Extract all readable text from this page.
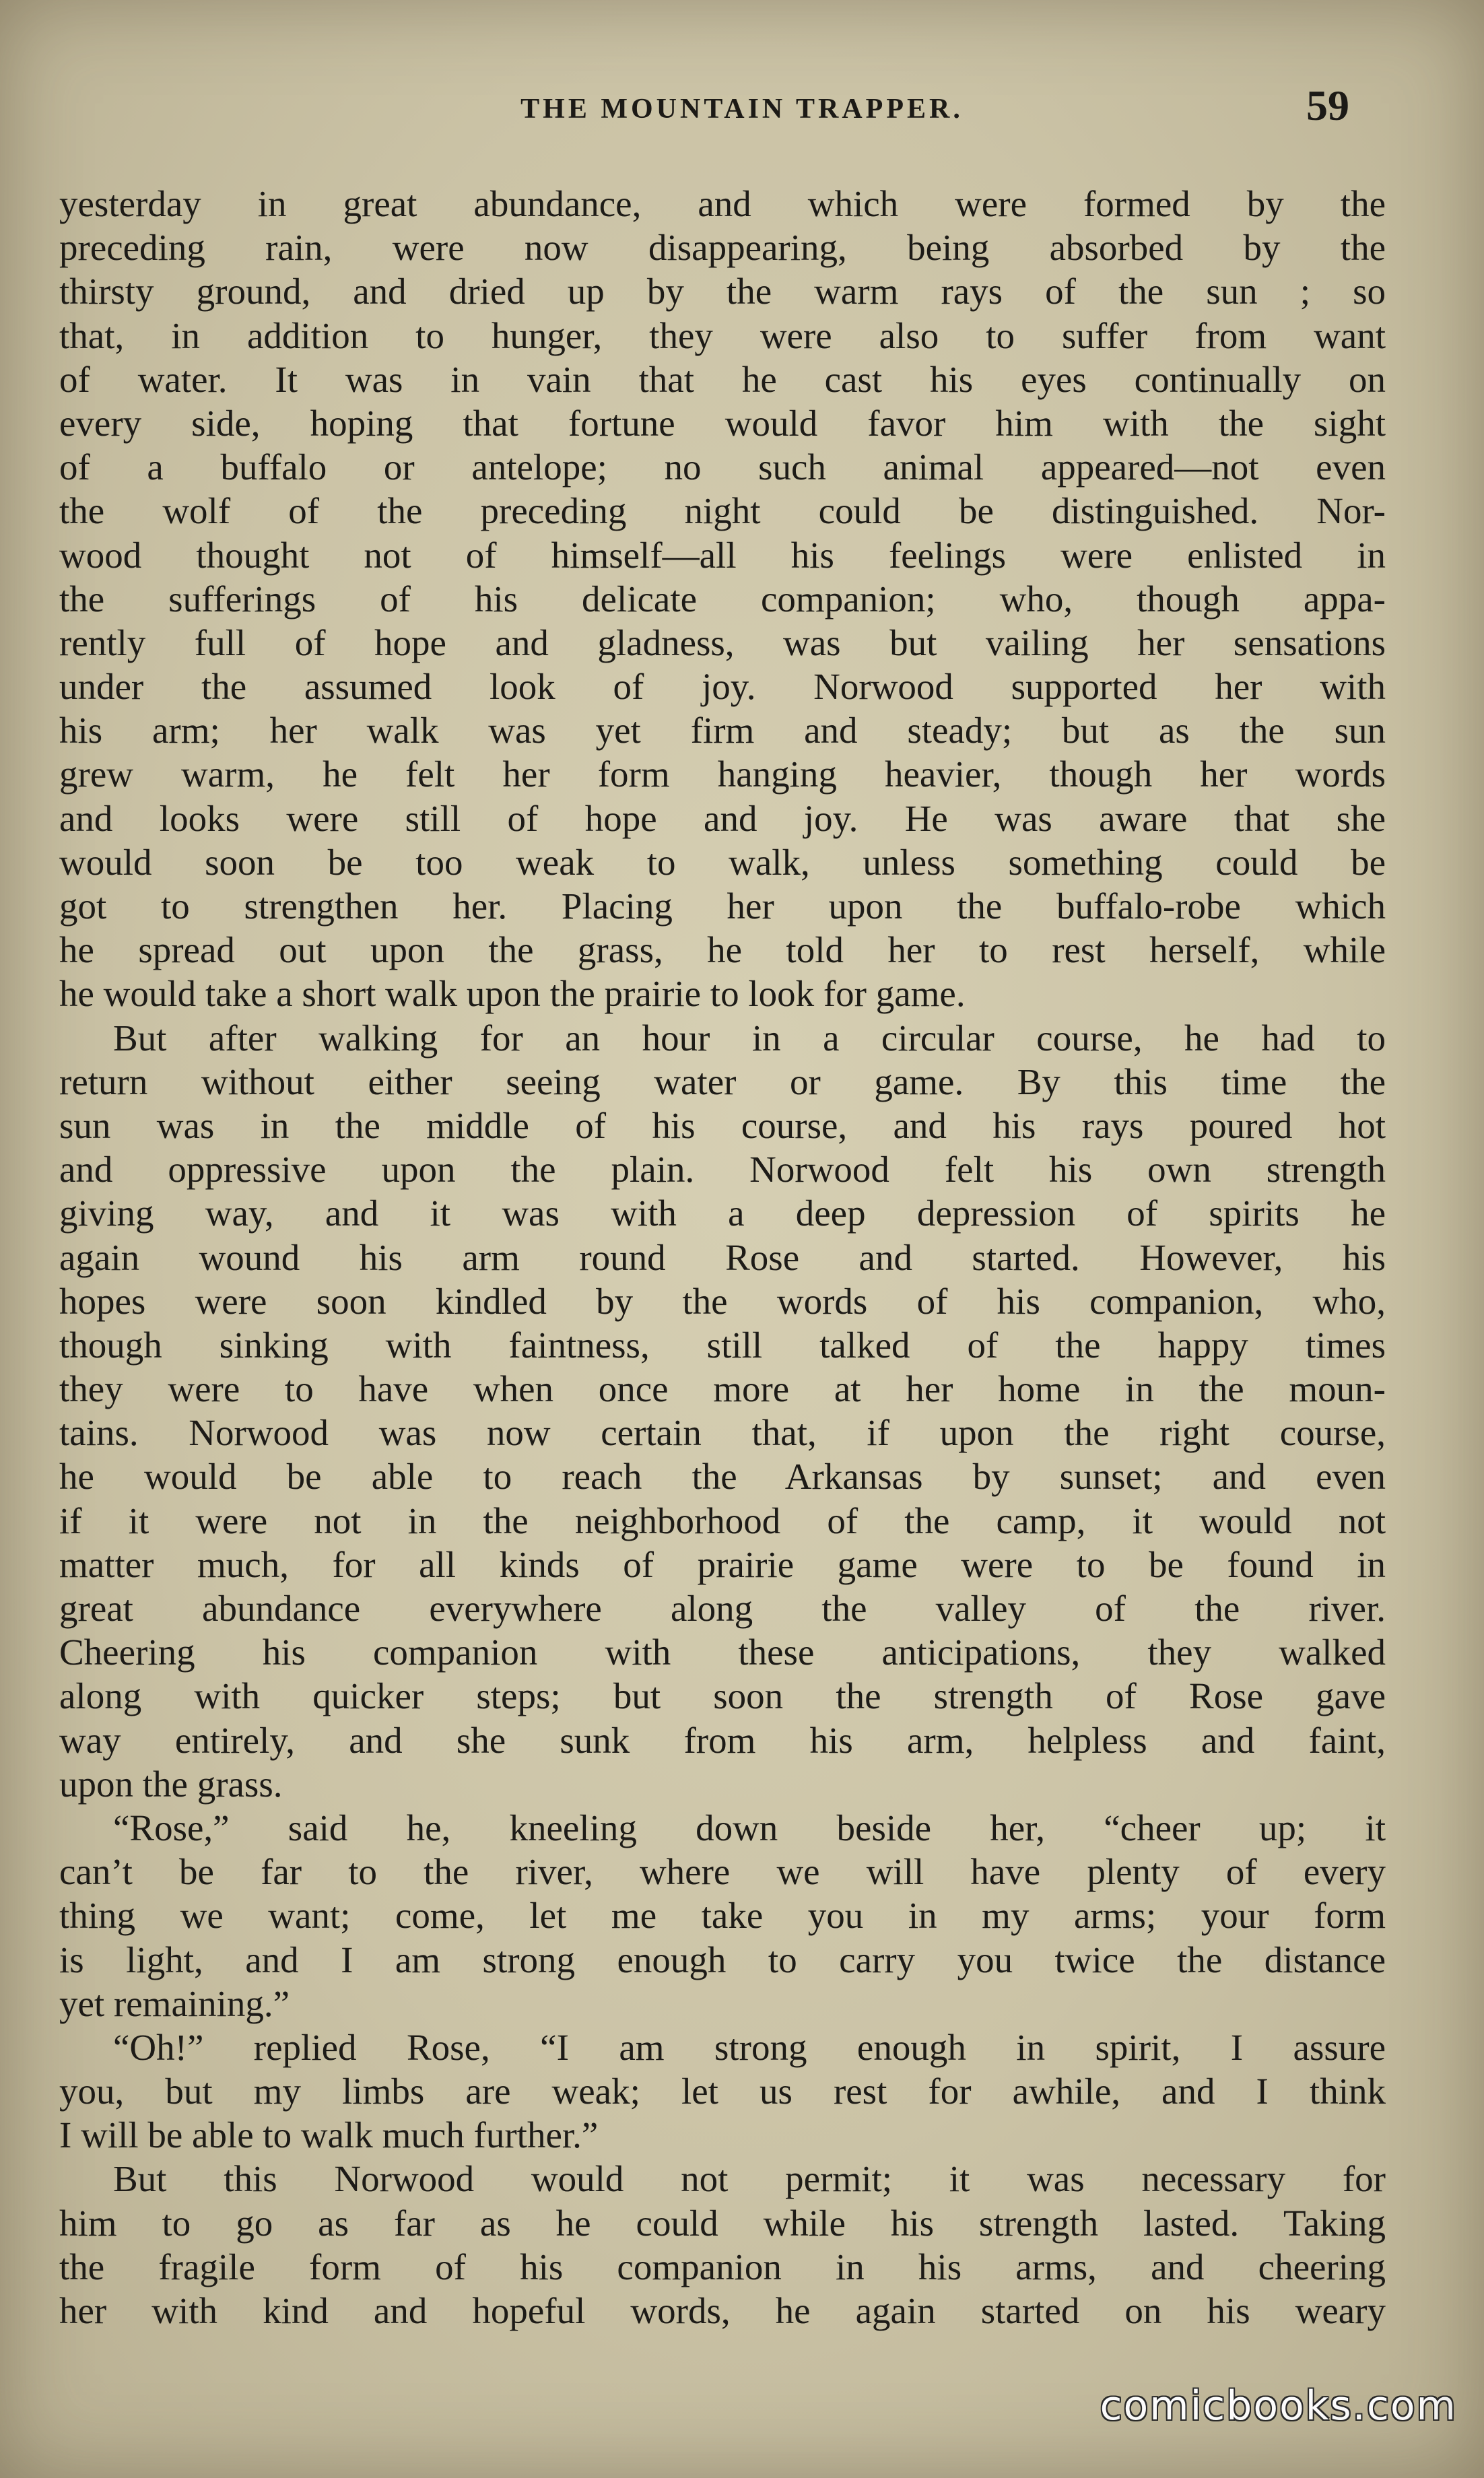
THE MOUNTAIN TRAPPER.	59
yesterday in great abundance, and which were formed by the
preceding rain, were now disappearing, being absorbed by the
thirsty ground, and dried up by the warm rays of the sun ; so
that, in addition to hunger, they were also to suffer from want
of water. It was in vain that he cast his eyes continually on
every side, hoping that fortune would favor him with the sight
of a buffalo or antelope; no such animal appeared—not even
the wolf of the preceding night could be distinguished. Nor-
wood thought not of himself—all his feelings were enlisted in
the sufferings of his delicate companion; who, though appa-
rently full of hope and gladness, was but vailing her sensations
under the assumed look of joy. Norwood supported her with
his arm; her walk was yet firm and steady; but as the sun
grew warm, he felt her form hanging heavier, though her words
and looks were still of hope and joy. He was aware that she
would soon be too weak to walk, unless something could be
got to strengthen her. Placing her upon the buffalo-robe which
he spread out upon the grass, he told her to rest herself, while
he would take a short walk upon the prairie to look for game.
But after walking for an hour in a circular course, he had to
return without either seeing water or game. By this time the
sun was in the middle of his course, and his rays poured hot
and oppressive upon the plain. Norwood felt his own strength
giving way, and it was with a deep depression of spirits he
again wound his arm round Rose and started. However, his
hopes were soon kindled by the words of his companion, who,
though sinking with faintness, still talked of the happy times
they were to have when once more at her home in the moun-
tains. Norwood was now certain that, if upon the right course,
he would be able to reach the Arkansas by sunset; and even
if it were not in the neighborhood of the camp, it would not
matter much, for all kinds of prairie game were to be found in
great abundance everywhere along the valley of the river.
Cheering his companion with these anticipations, they walked
along with quicker steps; but soon the strength of Rose gave
way entirely, and she sunk from his arm, helpless and faint,
upon the grass.
“Rose,” said he, kneeling down beside her, “cheer up; it
can’t be far to the river, where we will have plenty of every
thing we want; come, let me take you in my arms; your form
is light, and I am strong enough to carry you twice the distance
yet remaining.”
“Oh!” replied Rose, “I am strong enough in spirit, I assure
you, but my limbs are weak; let us rest for awhile, and I think
I will be able to walk much further.”
But this Norwood would not permit; it was necessary for
him to go as far as he could while his strength lasted. Taking
the fragile form of his companion in his arms, and cheering
her with kind and hopeful words, he again started on his weary
comicbooks.com
